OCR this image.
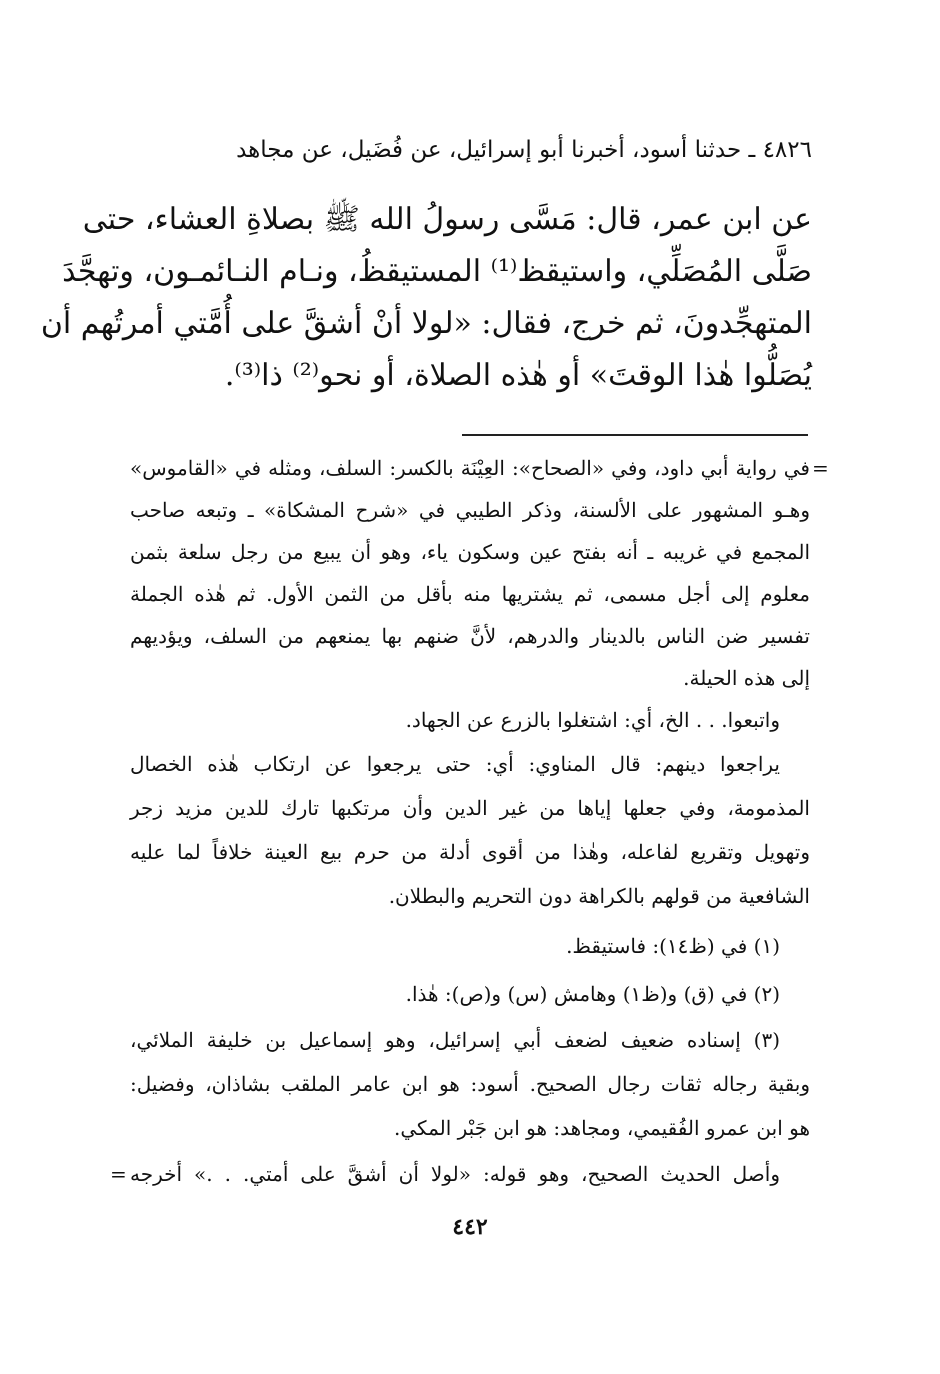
٤٨٢٦ ـ حدثنا أسود، أخبرنا أبو إسرائيل، عن فُضَيل، عن مجاهد
عن ابن عمر، قال: مَسَّى رسولُ الله ﷺ بصلاةِ العشاء، حتى
صَلَّى المُصَلِّي، واستيقظ⁽¹⁾ المستيقظُ، ونـام النـائمـون، وتهجَّدَ
المتهجِّدونَ، ثم خرج، فقال: «لولا أنْ أشقَّ على أُمَّتي أمرتُهم أن
يُصَلُّوا هٰذا الوقتَ» أو هٰذه الصلاة، أو نحو⁽²⁾ ذا⁽³⁾.
=
في رواية أبي داود، وفي «الصحاح»: العِيْنَة بالكسر: السلف، ومثله في «القاموس»
وهـو المشهور على الألسنة، وذكر الطيبي في «شرح المشكاة» ـ وتبعه صاحب
المجمع في غريبه ـ أنه بفتح عين وسكون ياء، وهو أن يبيع من رجل سلعة بثمن
معلوم إلى أجل مسمى، ثم يشتريها منه بأقل من الثمن الأول. ثم هٰذه الجملة
تفسير ضن الناس بالدينار والدرهم، لأنَّ ضنهم بها يمنعهم من السلف، ويؤديهم
إلى هذه الحيلة.
واتبعوا. . . الخ، أي: اشتغلوا بالزرع عن الجهاد.
يراجعوا دينهم: قال المناوي: أي: حتى يرجعوا عن ارتكاب هٰذه الخصال
المذمومة، وفي جعلها إياها من غير الدين وأن مرتكبها تارك للدين مزيد زجر
وتهويل وتقريع لفاعله، وهٰذا من أقوى أدلة من حرم بيع العينة خلافاً لما عليه
الشافعية من قولهم بالكراهة دون التحريم والبطلان.
(١) في (ظ١٤): فاستيقظ.
(٢) في (ق) و(ظ١) وهامش (س) و(ص): هٰذا.
(٣) إسناده ضعيف لضعف أبي إسرائيل، وهو إسماعيل بن خليفة الملائي،
وبقية رجاله ثقات رجال الصحيح. أسود: هو ابن عامر الملقب بشاذان، وفضيل:
هو ابن عمرو الفُقيمي، ومجاهد: هو ابن جَبْر المكي.
وأصل الحديث الصحيح، وهو قوله: «لولا أن أشقَّ على أمتي. . .» أخرجه
=
٤٤٢
